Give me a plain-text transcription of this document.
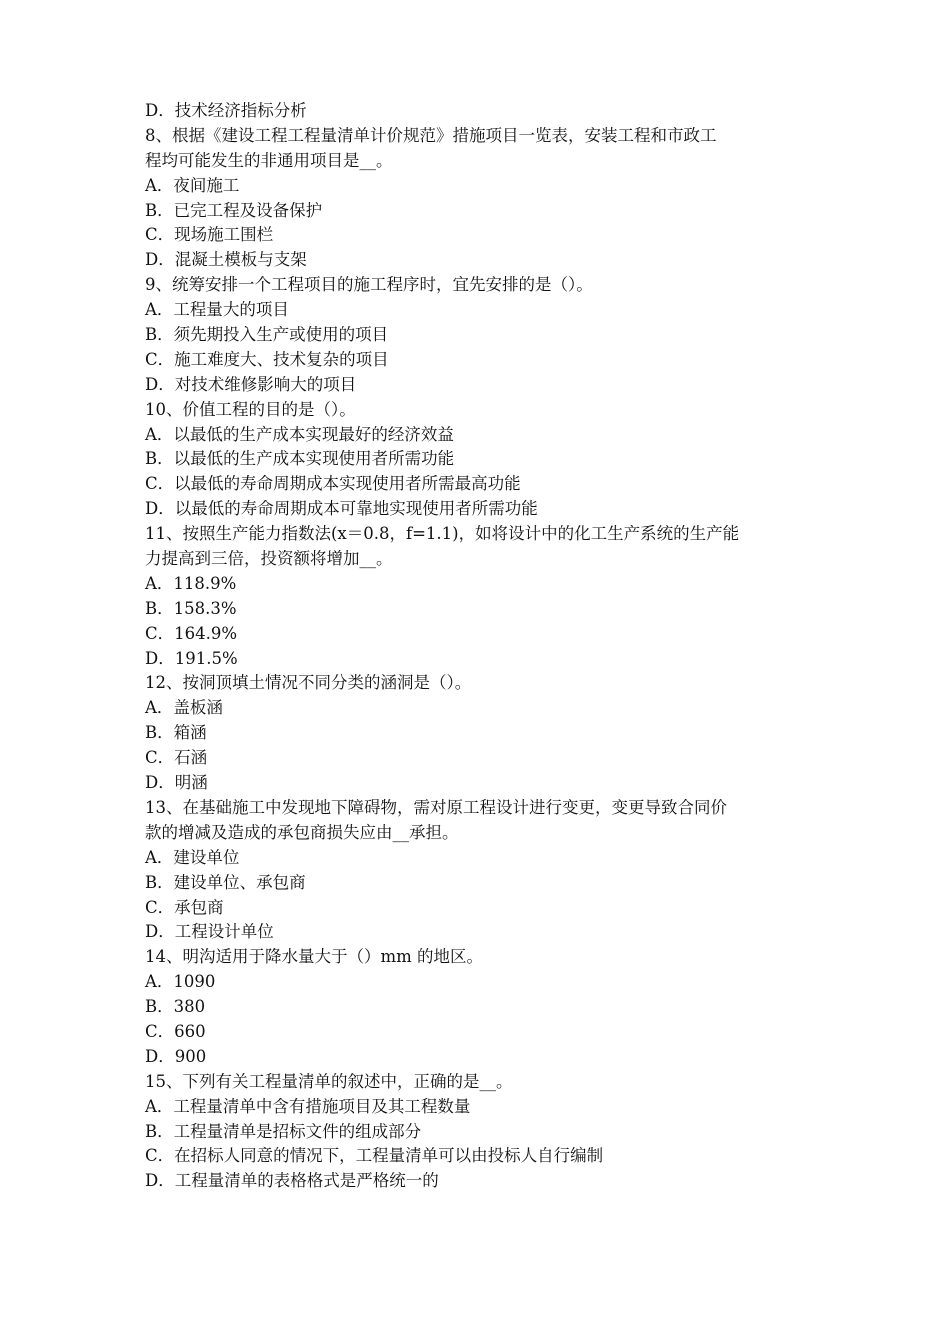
D．技术经济指标分析
8、根据《建设工程工程量清单计价规范》措施项目一览表，安装工程和市政工
程均可能发生的非通用项目是__。
A．夜间施工
B．已完工程及设备保护
C．现场施工围栏
D．混凝土模板与支架
9、统筹安排一个工程项目的施工程序时，宜先安排的是（）。
A．工程量大的项目
B．须先期投入生产或使用的项目
C．施工难度大、技术复杂的项目
D．对技术维修影响大的项目
10、价值工程的目的是（）。
A．以最低的生产成本实现最好的经济效益
B．以最低的生产成本实现使用者所需功能
C．以最低的寿命周期成本实现使用者所需最高功能
D．以最低的寿命周期成本可靠地实现使用者所需功能
11、按照生产能力指数法(x＝0.8，f=1.1)，如将设计中的化工生产系统的生产能
力提高到三倍，投资额将增加__。
A．118.9%
B．158.3%
C．164.9%
D．191.5%
12、按洞顶填土情况不同分类的涵洞是（）。
A．盖板涵
B．箱涵
C．石涵
D．明涵
13、在基础施工中发现地下障碍物，需对原工程设计进行变更，变更导致合同价
款的增减及造成的承包商损失应由__承担。
A．建设单位
B．建设单位、承包商
C．承包商
D．工程设计单位
14、明沟适用于降水量大于（）mm 的地区。
A．1090
B．380
C．660
D．900
15、下列有关工程量清单的叙述中，正确的是__。
A．工程量清单中含有措施项目及其工程数量
B．工程量清单是招标文件的组成部分
C．在招标人同意的情况下，工程量清单可以由投标人自行编制
D．工程量清单的表格格式是严格统一的
